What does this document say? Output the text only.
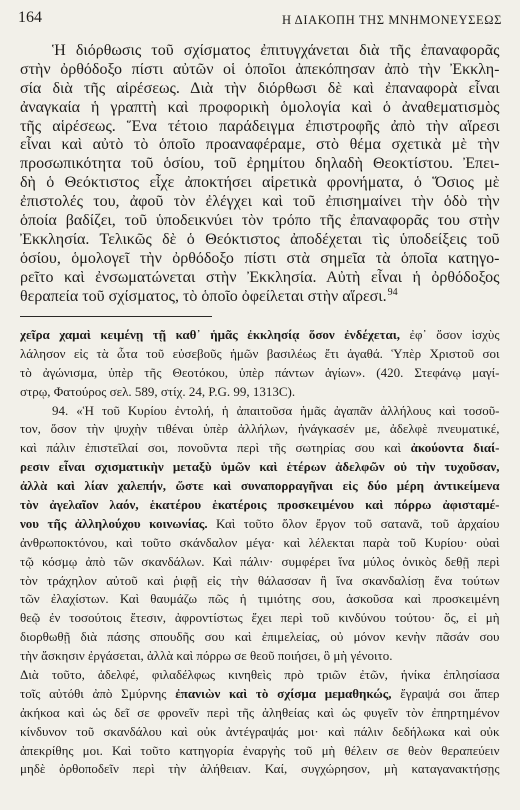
164	Η ΔΙΑΚΟΠΗ ΤΗΣ ΜΝΗΜΟΝΕΥΣΕΩΣ
Ἡ διόρθωσις τοῦ σχίσματος ἐπιτυγχάνεται διὰ τῆς ἐπαναφορᾶς
στὴν ὀρθόδοξο πίστι αὐτῶν οἱ ὁποῖοι ἀπεκόπησαν ἀπὸ τὴν Ἐκκλη-
σία διὰ τῆς αἱρέσεως. Διὰ τὴν διόρθωσι δὲ καὶ ἐπαναφορὰ εἶναι
ἀναγκαία ἡ γραπτὴ καὶ προφορικὴ ὁμολογία καὶ ὁ ἀναθεματισμὸς
τῆς αἱρέσεως. Ἕνα τέτοιο παράδειγμα ἐπιστροφῆς ἀπὸ τὴν αἵρεσι
εἶναι καὶ αὐτὸ τὸ ὁποῖο προαναφέραμε, στὸ θέμα σχετικὰ μὲ τὴν
προσωπικότητα τοῦ ὁσίου, τοῦ ἐρημίτου δηλαδὴ Θεοκτίστου. Ἐπει-
δὴ ὁ Θεόκτιστος εἶχε ἀποκτήσει αἱρετικὰ φρονήματα, ὁ Ὅσιος μὲ
ἐπιστολές του, ἀφοῦ τὸν ἐλέγχει καὶ τοῦ ἐπισημαίνει τὴν ὁδὸ τὴν
ὁποία βαδίζει, τοῦ ὑποδεικνύει τὸν τρόπο τῆς ἐπαναφορᾶς του στὴν
Ἐκκλησία. Τελικῶς δὲ ὁ Θεόκτιστος ἀποδέχεται τὶς ὑποδείξεις τοῦ
ὁσίου, ὁμολογεῖ τὴν ὀρθόδοξο πίστι στὰ σημεῖα τὰ ὁποῖα κατηγο-
ρεῖτο καὶ ἐνσωματώνεται στὴν Ἐκκλησία. Αὐτὴ εἶναι ἡ ὀρθόδοξος
θεραπεία τοῦ σχίσματος, τὸ ὁποῖο ὀφείλεται στὴν αἵρεσι.$^{94}$
χεῖρα χαμαὶ κειμένῃ τῇ καθ᾽ ἡμᾶς ἐκκλησίᾳ ὅσον ἐνδέχεται, ἐφ᾽ ὅσον ἰσχὺς
λάλησον εἰς τὰ ὦτα τοῦ εὐσεβοῦς ἡμῶν βασιλέως ἔτι ἀγαθά. Ὑπὲρ Χριστοῦ σοι
τὸ ἀγώνισμα, ὑπὲρ τῆς Θεοτόκου, ὑπὲρ πάντων ἁγίων». (420. Στεφάνῳ μαγί-
στρῳ, Φατούρος σελ. 589, στίχ. 24, P.G. 99, 1313C).
94. «Ἡ τοῦ Κυρίου ἐντολή, ἡ ἀπαιτοῦσα ἡμᾶς ἀγαπᾶν ἀλλήλους καὶ τοσοῦ-
τον, ὅσον τὴν ψυχὴν τιθέναι ὑπὲρ ἀλλήλων, ἠνάγκασέν με, ἀδελφὲ πνευματικέ,
καὶ πάλιν ἐπιστεῖλαί σοι, πονοῦντα περὶ τῆς σωτηρίας σου καὶ ἀκούοντα διαί-
ρεσιν εἶναι σχισματικὴν μεταξὺ ὑμῶν καὶ ἑτέρων ἀδελφῶν οὐ τὴν τυχοῦσαν,
ἀλλὰ καὶ λίαν χαλεπήν, ὥστε καὶ συναπορραγῆναι εἰς δύο μέρη ἀντικείμενα
τὸν ἀγελαῖον λαόν, ἑκατέρου ἑκατέροις προσκειμένου καὶ πόρρω ἀφισταμέ-
νου τῆς ἀλληλούχου κοινωνίας. Καὶ τοῦτο ὅλον ἔργον τοῦ σατανᾶ, τοῦ ἀρχαίου
ἀνθρωποκτόνου, καὶ τοῦτο σκάνδαλον μέγα· καὶ λέλεκται παρὰ τοῦ Κυρίου· οὐαὶ
τῷ κόσμῳ ἀπὸ τῶν σκανδάλων. Καὶ πάλιν· συμφέρει ἵνα μύλος ὀνικὸς δεθῇ περὶ
τὸν τράχηλον αὐτοῦ καὶ ῥιφῇ εἰς τὴν θάλασσαν ἢ ἵνα σκανδαλίσῃ ἕνα τούτων
τῶν ἐλαχίστων. Καὶ θαυμάζω πῶς ἡ τιμιότης σου, ἀσκοῦσα καὶ προσκειμένη
θεῷ ἐν τοσούτοις ἔτεσιν, ἀφροντίστως ἔχει περὶ τοῦ κινδύνου τούτου· ὅς, εἰ μὴ
διορθωθῇ διὰ πάσης σπουδῆς σου καὶ ἐπιμελείας, οὐ μόνον κενὴν πᾶσάν σου
τὴν ἄσκησιν ἐργάσεται, ἀλλὰ καὶ πόρρω σε θεοῦ ποιήσει, ὃ μὴ γένοιτο.
Διὰ τοῦτο, ἀδελφέ, φιλαδέλφως κινηθεὶς πρὸ τριῶν ἐτῶν, ἡνίκα ἐπλησίασα
τοῖς αὐτόθι ἀπὸ Σμύρνης ἐπανιὼν καὶ τὸ σχίσμα μεμαθηκώς, ἔγραψά σοι ἅπερ
ἀκήκοα καὶ ὡς δεῖ σε φρονεῖν περὶ τῆς ἀληθείας καὶ ὡς φυγεῖν τὸν ἐπηρτημένον
κίνδυνον τοῦ σκανδάλου καὶ οὐκ ἀντέγραψάς μοι· καὶ πάλιν δεδήλωκα καὶ οὐκ
ἀπεκρίθης μοι. Καὶ τοῦτο κατηγορία ἐναργὴς τοῦ μὴ θέλειν σε θεὸν θεραπεύειν
μηδὲ ὀρθοποδεῖν περὶ τὴν ἀλήθειαν. Καί, συγχώρησον, μὴ καταγανακτήσῃς
